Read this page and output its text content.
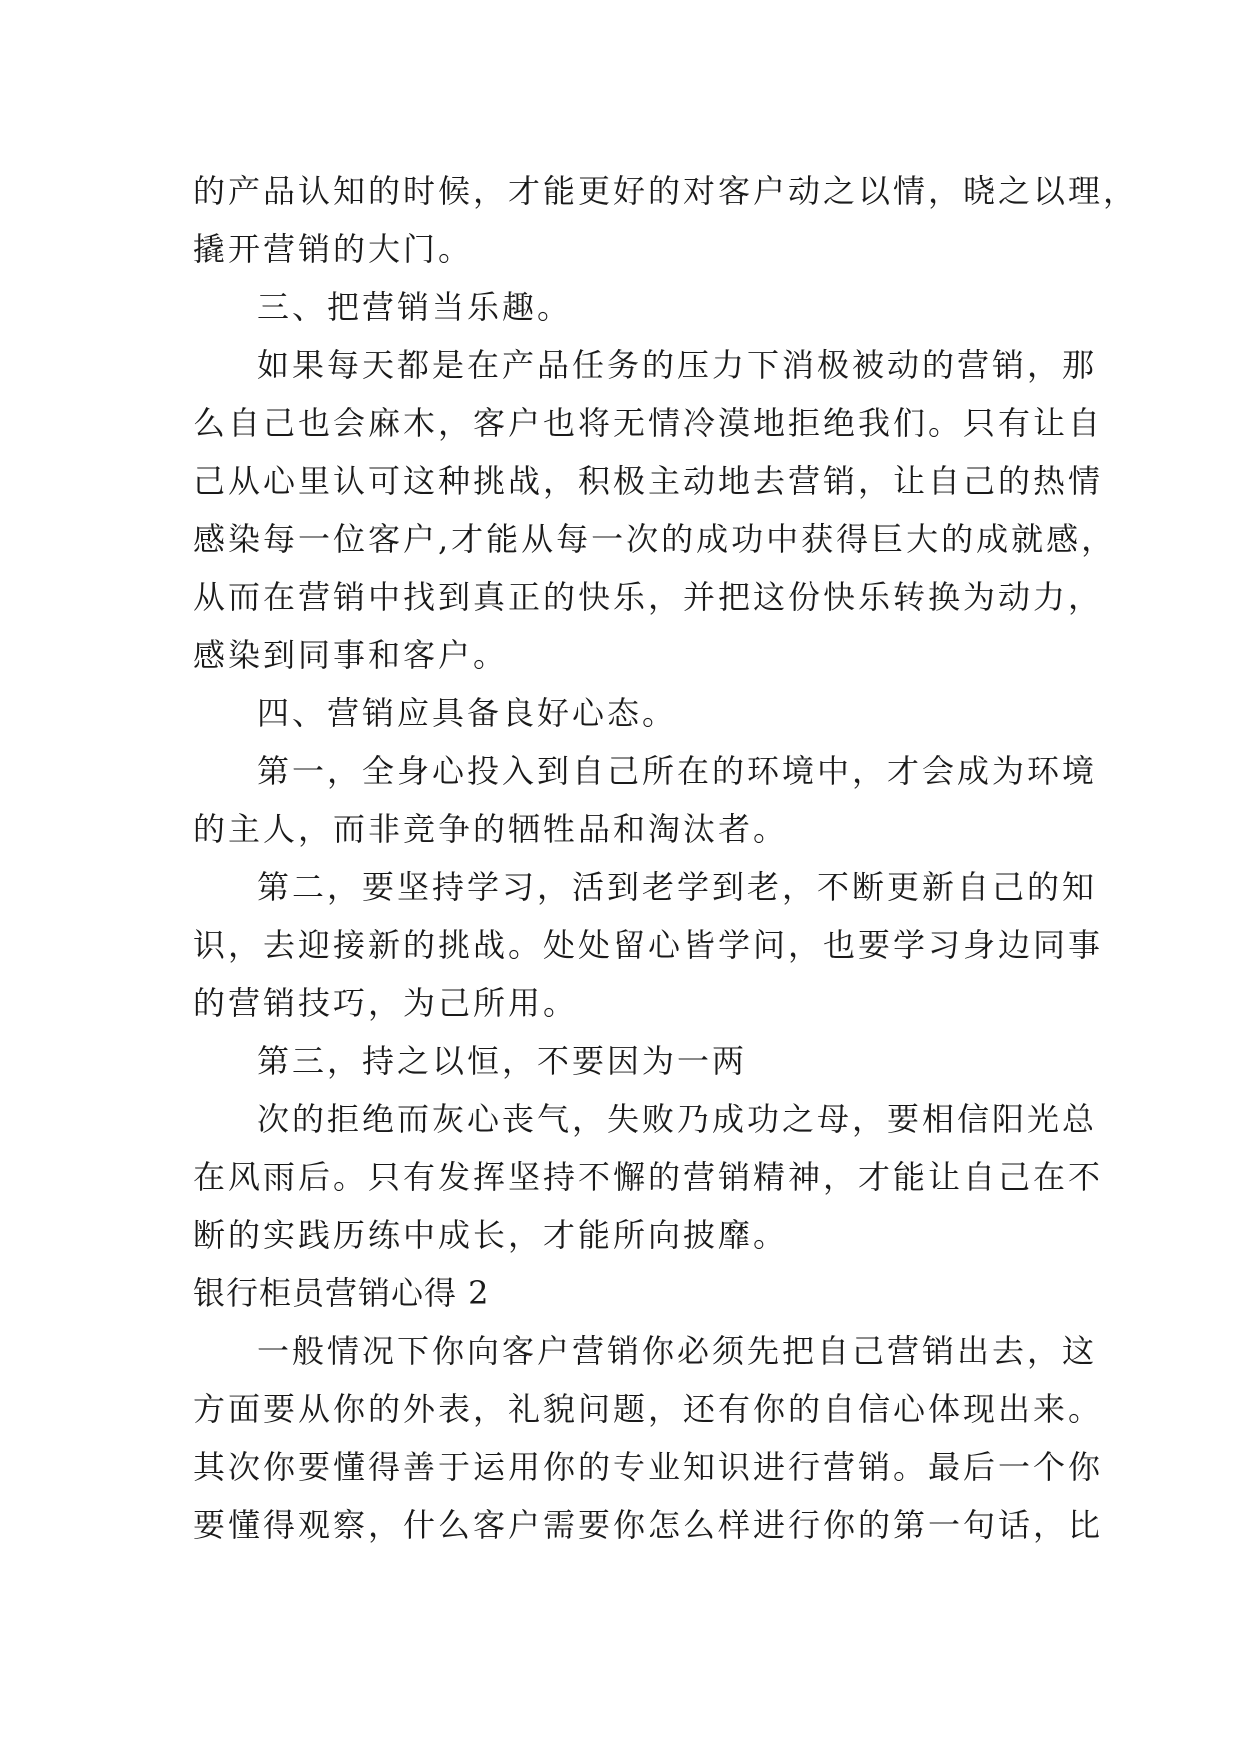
的产品认知的时候，才能更好的对客户动之以情，晓之以理，
撬开营销的大门。
三、把营销当乐趣。
如果每天都是在产品任务的压力下消极被动的营销，那
么自己也会麻木，客户也将无情冷漠地拒绝我们。只有让自
己从心里认可这种挑战，积极主动地去营销，让自己的热情
感染每一位客户,才能从每一次的成功中获得巨大的成就感，
从而在营销中找到真正的快乐，并把这份快乐转换为动力，
感染到同事和客户。
四、营销应具备良好心态。
第一，全身心投入到自己所在的环境中，才会成为环境
的主人，而非竞争的牺牲品和淘汰者。
第二，要坚持学习，活到老学到老，不断更新自己的知
识，去迎接新的挑战。处处留心皆学问，也要学习身边同事
的营销技巧，为己所用。
第三，持之以恒，不要因为一两
次的拒绝而灰心丧气，失败乃成功之母，要相信阳光总
在风雨后。只有发挥坚持不懈的营销精神，才能让自己在不
断的实践历练中成长，才能所向披靡。
银行柜员营销心得 2
一般情况下你向客户营销你必须先把自己营销出去，这
方面要从你的外表，礼貌问题，还有你的自信心体现出来。
其次你要懂得善于运用你的专业知识进行营销。最后一个你
要懂得观察，什么客户需要你怎么样进行你的第一句话，比
